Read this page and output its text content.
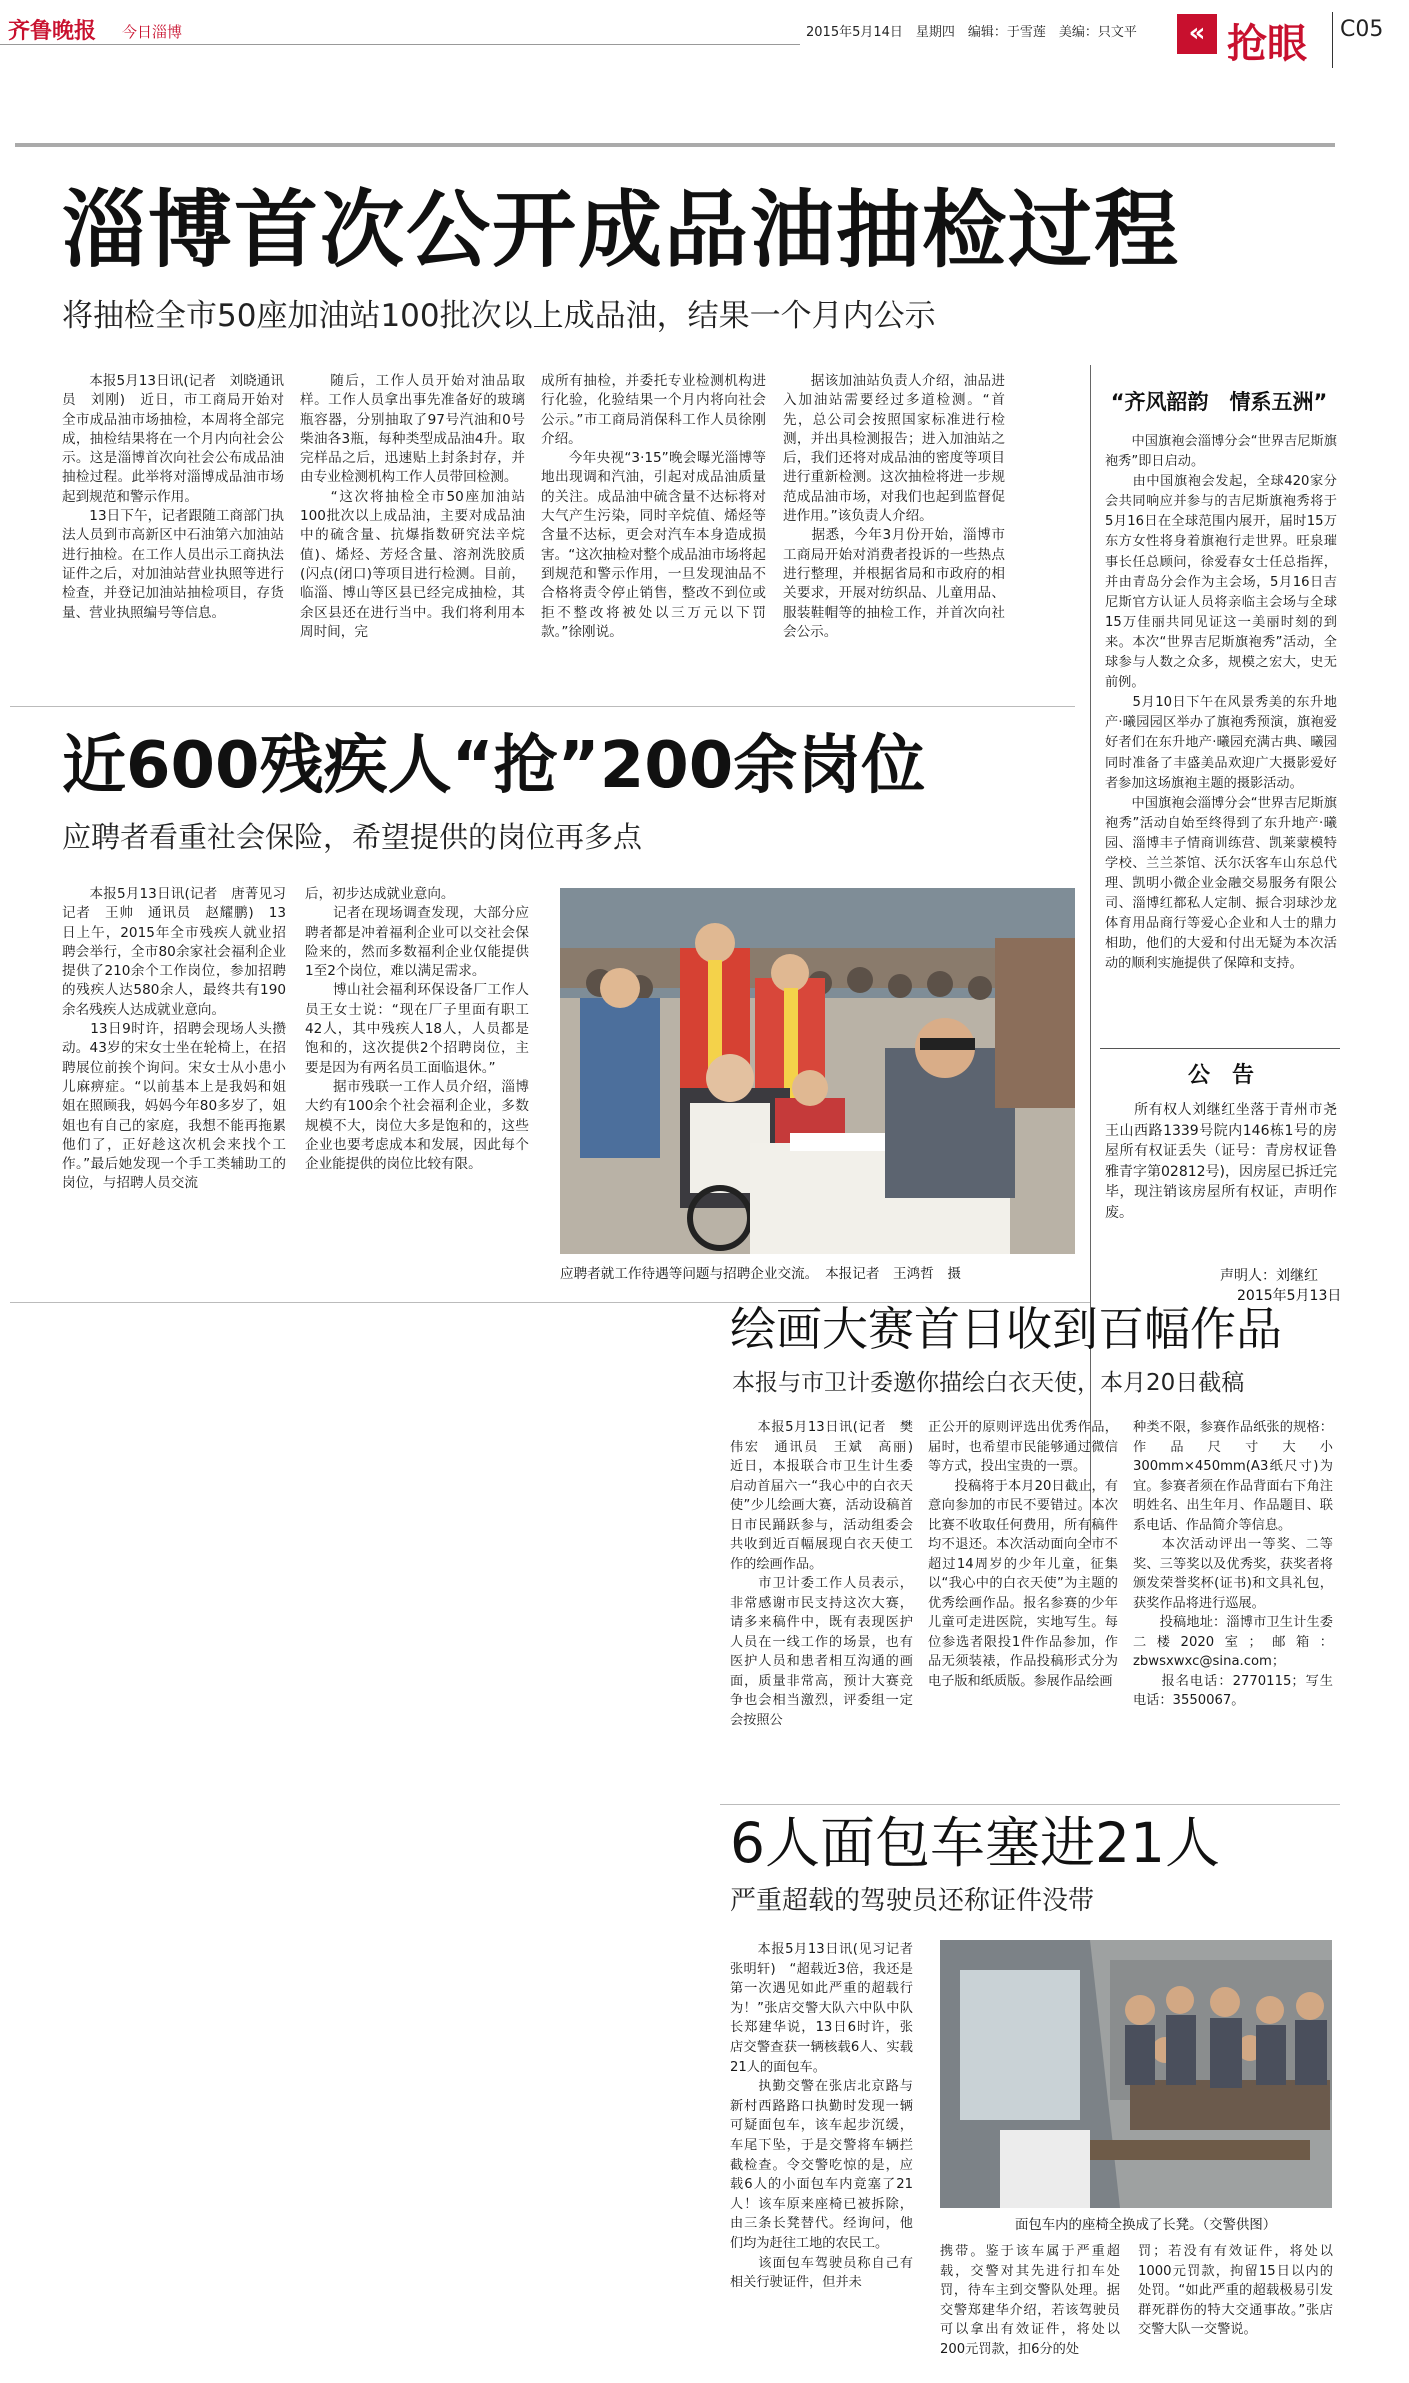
齐鲁晚报 今日淄博	2015年5月14日　星期四　编辑：于雪莲　美编：只文平	« 抢眼 C05
淄博首次公开成品油抽检过程
将抽检全市50座加油站100批次以上成品油，结果一个月内公示
　　本报5月13日讯(记者　刘晓通讯员　刘刚)　近日，市工商局开始对全市成品油市场抽检，本周将全部完成，抽检结果将在一个月内向社会公示。这是淄博首次向社会公布成品油抽检过程。此举将对淄博成品油市场起到规范和警示作用。
　　13日下午，记者跟随工商部门执法人员到市高新区中石油第六加油站进行抽检。在工作人员出示工商执法证件之后，对加油站营业执照等进行检查，并登记加油站抽检项目，存货量、营业执照编号等信息。
　　随后，工作人员开始对油品取样。工作人员拿出事先准备好的玻璃瓶容器，分别抽取了97号汽油和0号柴油各3瓶，每种类型成品油4升。取完样品之后，迅速贴上封条封存，并由专业检测机构工作人员带回检测。
　　“这次将抽检全市50座加油站100批次以上成品油，主要对成品油中的硫含量、抗爆指数研究法辛烷值)、烯烃、芳烃含量、溶剂洗胶质(闪点(闭口)等项目进行检测。目前，临淄、博山等区县已经完成抽检，其余区县还在进行当中。我们将利用本周时间，完
成所有抽检，并委托专业检测机构进行化验，化验结果一个月内将向社会公示。”市工商局消保科工作人员徐刚介绍。
　　今年央视“3·15”晚会曝光淄博等地出现调和汽油，引起对成品油质量的关注。成品油中硫含量不达标将对大气产生污染，同时辛烷值、烯烃等含量不达标，更会对汽车本身造成损害。“这次抽检对整个成品油市场将起到规范和警示作用，一旦发现油品不合格将责令停止销售，整改不到位或拒不整改将被处以三万元以下罚款。”徐刚说。
　　据该加油站负责人介绍，油品进入加油站需要经过多道检测。“首先，总公司会按照国家标准进行检测，并出具检测报告；进入加油站之后，我们还将对成品油的密度等项目进行重新检测。这次抽检将进一步规范成品油市场，对我们也起到监督促进作用。”该负责人介绍。
　　据悉，今年3月份开始，淄博市工商局开始对消费者投诉的一些热点进行整理，并根据省局和市政府的相关要求，开展对纺织品、儿童用品、服装鞋帽等的抽检工作，并首次向社会公示。
“齐风韶韵　情系五洲”
　　中国旗袍会淄博分会“世界吉尼斯旗袍秀”即日启动。
　　由中国旗袍会发起，全球420家分会共同响应并参与的吉尼斯旗袍秀将于5月16日在全球范围内展开，届时15万东方女性将身着旗袍行走世界。旺泉璀事长任总顾问，徐爱春女士任总指挥，并由青岛分会作为主会场，5月16日吉尼斯官方认证人员将亲临主会场与全球15万佳丽共同见证这一美丽时刻的到来。本次“世界吉尼斯旗袍秀”活动，全球参与人数之众多，规模之宏大，史无前例。
　　5月10日下午在风景秀美的东升地产·曦园园区举办了旗袍秀预演，旗袍爱好者们在东升地产·曦园充满古典、曦园同时准备了丰盛美品欢迎广大摄影爱好者参加这场旗袍主题的摄影活动。
　　中国旗袍会淄博分会“世界吉尼斯旗袍秀”活动自始至终得到了东升地产·曦园、淄博丰子情商训练营、凯莱蒙模特学校、兰兰茶馆、沃尔沃客车山东总代理、凯明小微企业金融交易服务有限公司、淄博红都私人定制、振合羽球沙龙体育用品商行等爱心企业和人士的鼎力相助，他们的大爱和付出无疑为本次活动的顺利实施提供了保障和支持。
公　告
　　所有权人刘继红坐落于青州市尧王山西路1339号院内146栋1号的房屋所有权证丢失（证号：青房权证鲁雅青字第02812号)，因房屋已拆迁完毕，现注销该房屋所有权证，声明作废。
声明人：刘继红
2015年5月13日
近600残疾人“抢”200余岗位
应聘者看重社会保险，希望提供的岗位再多点
　　本报5月13日讯(记者　唐菁见习记者　王帅　通讯员　赵耀鹏)　13日上午，2015年全市残疾人就业招聘会举行，全市80余家社会福利企业提供了210余个工作岗位，参加招聘的残疾人达580余人，最终共有190余名残疾人达成就业意向。
　　13日9时许，招聘会现场人头攒动。43岁的宋女士坐在轮椅上，在招聘展位前挨个询问。宋女士从小患小儿麻痹症。“以前基本上是我妈和姐姐在照顾我，妈妈今年80多岁了，姐姐也有自己的家庭，我想不能再拖累他们了，正好趁这次机会来找个工作。”最后她发现一个手工类辅助工的岗位，与招聘人员交流
后，初步达成就业意向。
　　记者在现场调查发现，大部分应聘者都是冲着福利企业可以交社会保险来的，然而多数福利企业仅能提供1至2个岗位，难以满足需求。
　　博山社会福利环保设备厂工作人员王女士说：“现在厂子里面有职工42人，其中残疾人18人，人员都是饱和的，这次提供2个招聘岗位，主要是因为有两名员工面临退休。”
　　据市残联一工作人员介绍，淄博大约有100余个社会福利企业，多数规模不大，岗位大多是饱和的，这些企业也要考虑成本和发展，因此每个企业能提供的岗位比较有限。
应聘者就工作待遇等问题与招聘企业交流。　本报记者　王鸿哲　摄
绘画大赛首日收到百幅作品
本报与市卫计委邀你描绘白衣天使，本月20日截稿
　　本报5月13日讯(记者　樊伟宏　通讯员　王斌　高丽)　近日，本报联合市卫生计生委启动首届六一“我心中的白衣天使”少儿绘画大赛，活动设稿首日市民踊跃参与，活动组委会共收到近百幅展现白衣天使工作的绘画作品。
　　市卫计委工作人员表示，非常感谢市民支持这次大赛，请多来稿件中，既有表现医护人员在一线工作的场景，也有医护人员和患者相互沟通的画面，质量非常高，预计大赛竞争也会相当激烈，评委组一定会按照公
正公开的原则评选出优秀作品，届时，也希望市民能够通过微信等方式，投出宝贵的一票。
　　投稿将于本月20日截止，有意向参加的市民不要错过。本次比赛不收取任何费用，所有稿件均不退还。本次活动面向全市不超过14周岁的少年儿童，征集以“我心中的白衣天使”为主题的优秀绘画作品。报名参赛的少年儿童可走进医院，实地写生。每位参选者限投1件作品参加，作品无须装裱，作品投稿形式分为电子版和纸质版。参展作品绘画
种类不限，参赛作品纸张的规格：作品尺寸大小300mm×450mm(A3纸尺寸)为宜。参赛者须在作品背面右下角注明姓名、出生年月、作品题目、联系电话、作品简介等信息。
　　本次活动评出一等奖、二等奖、三等奖以及优秀奖，获奖者将颁发荣誉奖杯(证书)和文具礼包，获奖作品将进行巡展。
　　投稿地址：淄博市卫生计生委二楼2020室；邮箱：zbwsxwxc@sina.com；
　　报名电话：2770115；写生电话：3550067。
6人面包车塞进21人
严重超载的驾驶员还称证件没带
　　本报5月13日讯(见习记者　张明轩)　“超载近3倍，我还是第一次遇见如此严重的超载行为！”张店交警大队六中队中队长郑建华说，13日6时许，张店交警查获一辆核载6人、实载21人的面包车。
　　执勤交警在张店北京路与新村西路路口执勤时发现一辆可疑面包车，该车起步沉缓，车尾下坠，于是交警将车辆拦截检查。令交警吃惊的是，应载6人的小面包车内竟塞了21人！该车原来座椅已被拆除，由三条长凳替代。经询问，他们均为赶往工地的农民工。
　　该面包车驾驶员称自己有相关行驶证件，但并未
面包车内的座椅全换成了长凳。（交警供图）
携带。鉴于该车属于严重超载，交警对其先进行扣车处罚，待车主到交警队处理。据交警郑建华介绍，若该驾驶员可以拿出有效证件，将处以200元罚款，扣6分的处
罚；若没有有效证件，将处以1000元罚款，拘留15日以内的处罚。“如此严重的超载极易引发群死群伤的特大交通事故。”张店交警大队一交警说。
